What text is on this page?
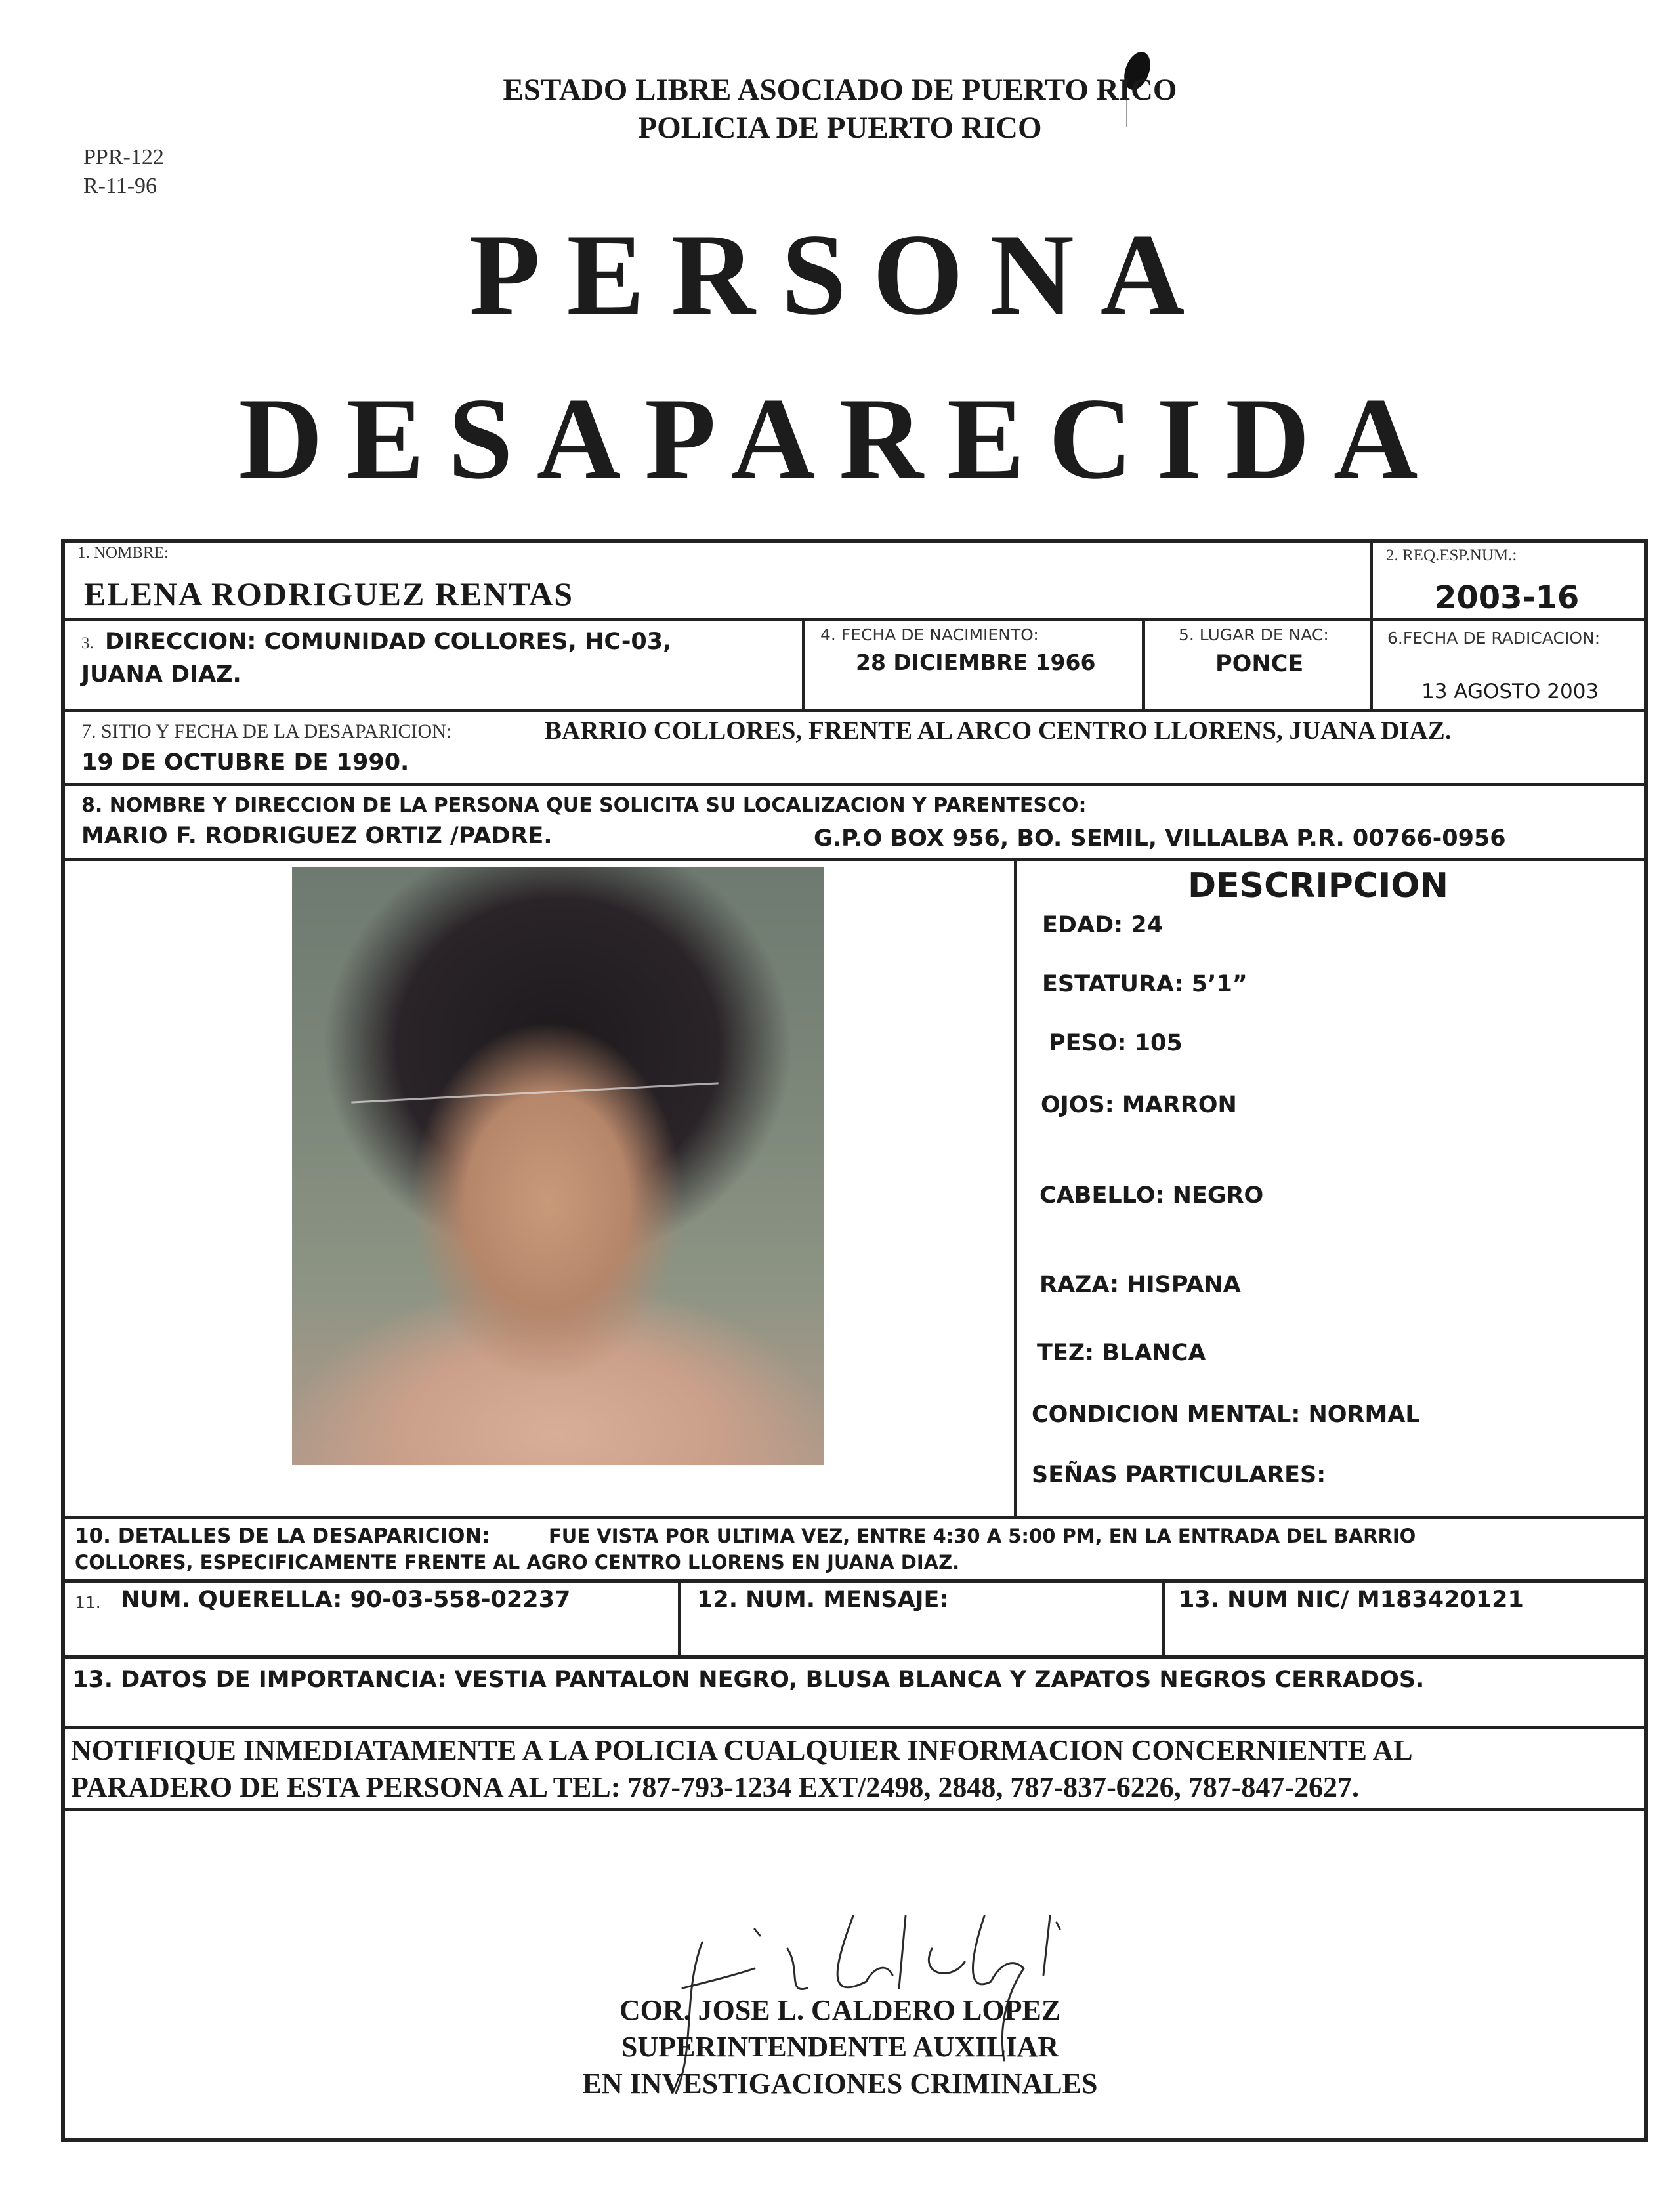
ESTADO LIBRE ASOCIADO DE PUERTO RICO
POLICIA DE PUERTO RICO
PPR-122
R-11-96
PERSONA
DESAPARECIDA
1. NOMBRE:
ELENA RODRIGUEZ RENTAS
2. REQ.ESP.NUM.:
2003-16
3. DIRECCION: COMUNIDAD COLLORES, HC-03,
JUANA DIAZ.
4. FECHA DE NACIMIENTO:
28 DICIEMBRE 1966
5. LUGAR DE NAC:
PONCE
6.FECHA DE RADICACION:
13 AGOSTO 2003
7. SITIO Y FECHA DE LA DESAPARICION:	BARRIO COLLORES, FRENTE AL ARCO CENTRO LLORENS, JUANA DIAZ.
19 DE OCTUBRE DE 1990.
8. NOMBRE Y DIRECCION DE LA PERSONA QUE SOLICITA SU LOCALIZACION Y PARENTESCO:
MARIO F. RODRIGUEZ ORTIZ /PADRE.	G.P.O BOX 956, BO. SEMIL, VILLALBA P.R. 00766-0956
DESCRIPCION
EDAD: 24
ESTATURA: 5’1”
PESO: 105
OJOS: MARRON
CABELLO: NEGRO
RAZA: HISPANA
TEZ: BLANCA
CONDICION MENTAL: NORMAL
SEÑAS PARTICULARES:
10. DETALLES DE LA DESAPARICION:	FUE VISTA POR ULTIMA VEZ, ENTRE 4:30 A 5:00 PM, EN LA ENTRADA DEL BARRIO
COLLORES, ESPECIFICAMENTE FRENTE AL AGRO CENTRO LLORENS EN JUANA DIAZ.
11. NUM. QUERELLA: 90-03-558-02237	12. NUM. MENSAJE:	13. NUM NIC/ M183420121
13. DATOS DE IMPORTANCIA: VESTIA PANTALON NEGRO, BLUSA BLANCA Y ZAPATOS NEGROS CERRADOS.
NOTIFIQUE INMEDIATAMENTE A LA POLICIA CUALQUIER INFORMACION CONCERNIENTE AL
PARADERO DE ESTA PERSONA AL TEL: 787-793-1234 EXT/2498, 2848, 787-837-6226, 787-847-2627.
COR. JOSE L. CALDERO LOPEZ
SUPERINTENDENTE AUXILIAR
EN INVESTIGACIONES CRIMINALES
